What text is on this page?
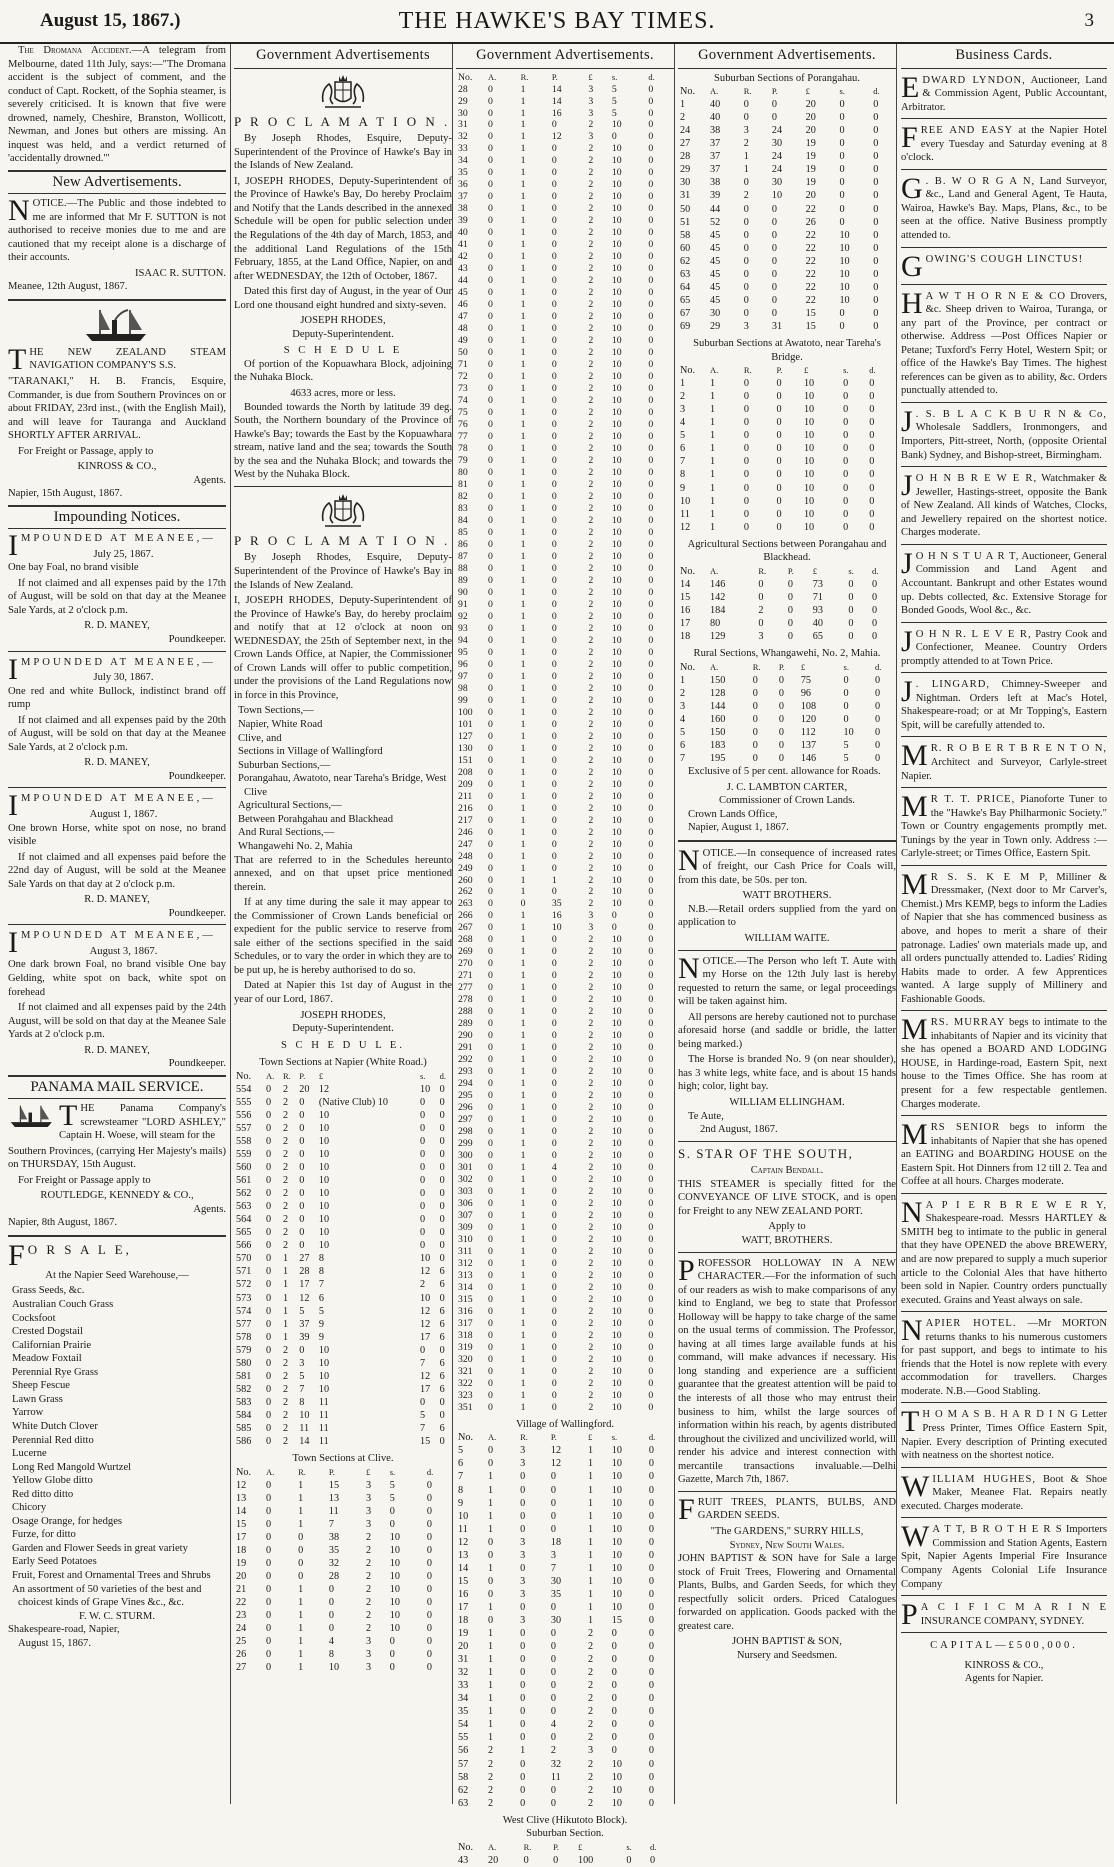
August 15, 1867.)	THE HAWKE'S BAY TIMES.	3

The Dromana Accident.—A telegram from Melbourne, dated 11th July, says:—"The Dromana accident is the subject of comment, and the conduct of Capt. Rockett, of the Sophia steamer, is severely criticised. It is known that five were drowned, namely, Cheshire, Branston, Wollicott, Newman, and Jones but others are missing. An inquest was held, and a verdict returned of 'accidentally drowned.'"

New Advertisements.
N OTICE.—The Public and those indebted to me are informed that Mr F. SUTTON is not authorised to receive monies due to me and are cautioned that my receipt alone is a discharge of their accounts.

ISAAC R. SUTTON.
Meanee, 12th August, 1867.
T HE NEW ZEALAND STEAM NAVIGATION COMPANY'S S.S.

"TARANAKI," H. B. Francis, Esquire, Commander, is due from Southern Provinces on or about FRIDAY, 23rd inst., (with the English Mail), and will leave for Tauranga and Auckland SHORTLY AFTER ARRIVAL.

For Freight or Passage, apply to

KINROSS & CO.,
Agents.
Napier, 15th August, 1867.
Impounding Notices.
I MPOUNDED AT MEANEE,—

July 25, 1867.

One bay Foal, no brand visible

If not claimed and all expenses paid by the 17th of August, will be sold on that day at the Meanee Sale Yards, at 2 o'clock p.m.

R. D. MANEY,
Poundkeeper.
I MPOUNDED AT MEANEE,—

July 30, 1867.

One red and white Bullock, indistinct brand off rump

If not claimed and all expenses paid by the 20th of August, will be sold on that day at the Meanee Sale Yards, at 2 o'clock p.m.

R. D. MANEY,
Poundkeeper.
I MPOUNDED AT MEANEE,—

August 1, 1867.

One brown Horse, white spot on nose, no brand visible

If not claimed and all expenses paid before the 22nd day of August, will be sold at the Meanee Sale Yards on that day at 2 o'clock p.m.

R. D. MANEY,
Poundkeeper.
I MPOUNDED AT MEANEE,—

August 3, 1867.

One dark brown Foal, no brand visible One bay Gelding, white spot on back, white spot on forehead

If not claimed and all expenses paid by the 24th August, will be sold on that day at the Meanee Sale Yards at 2 o'clock p.m.

R. D. MANEY,
Poundkeeper.
PANAMA MAIL SERVICE.
T HE Panama Company's screwsteamer "LORD ASHLEY," Captain H. Woese, will steam for the

Southern Provinces, (carrying Her Majesty's mails) on THURSDAY, 15th August.

For Freight or Passage apply to

ROUTLEDGE, KENNEDY & CO.,
Agents.
Napier, 8th August, 1867.
F O R S A L E,

At the Napier Seed Warehouse,—

Grass Seeds, &c.
Australian Couch Grass
Cocksfoot
Crested Dogstail
Californian Prairie
Meadow Foxtail
Perennial Rye Grass
Sheep Fescue
Lawn Grass
Yarrow
White Dutch Clover
Perennial Red ditto
Lucerne
Long Red Mangold Wurtzel
Yellow Globe ditto
Red ditto ditto
Chicory
Osage Orange, for hedges
Furze, for ditto
Garden and Flower Seeds in great variety
Early Seed Potatoes
Fruit, Forest and Ornamental Trees and Shrubs
An assortment of 50 varieties of the best and choicest kinds of Grape Vines &c., &c.
F. W. C. STURM.
Shakespeare-road, Napier,
August 15, 1867.
Government Advertisements

P R O C L A M A T I O N .

By Joseph Rhodes, Esquire, Deputy-Superintendent of the Province of Hawke's Bay in the Islands of New Zealand.

I, JOSEPH RHODES, Deputy-Superintendent of the Province of Hawke's Bay, Do hereby Proclaim and Notify that the Lands described in the annexed Schedule will be open for public selection under the Regulations of the 4th day of March, 1853, and the additional Land Regulations of the 15th February, 1855, at the Land Office, Napier, on and after WEDNESDAY, the 12th of October, 1867.

Dated this first day of August, in the year of Our Lord one thousand eight hundred and sixty-seven.

JOSEPH RHODES,
Deputy-Superintendent.
S C H E D U L E

Of portion of the Kopuawhara Block, adjoining the Nuhaka Block.

4633 acres, more or less.

Bounded towards the North by latitude 39 deg. South, the Northern boundary of the Province of Hawke's Bay; towards the East by the Kopuawhara stream, native land and the sea; towards the South by the sea and the Nuhaka Block; and towards the West by the Nuhaka Block.

P R O C L A M A T I O N .

By Joseph Rhodes, Esquire, Deputy-Superintendent of the Province of Hawke's Bay in the Islands of New Zealand.

I, JOSEPH RHODES, Deputy-Superintendent of the Province of Hawke's Bay, do hereby proclaim and notify that at 12 o'clock at noon on WEDNESDAY, the 25th of September next, in the Crown Lands Office, at Napier, the Commissioner of Crown Lands will offer to public competition, under the provisions of the Land Regulations now in force in this Province,

Town Sections,—
Napier, White Road
Clive, and
Sections in Village of Wallingford
Suburban Sections,—
Porangahau, Awatoto, near Tareha's Bridge, West Clive
Agricultural Sections,—
Between Porahgahau and Blackhead
And Rural Sections,—
Whangawehi No. 2, Mahia

That are referred to in the Schedules hereunto annexed, and on that upset price mentioned therein.

If at any time during the sale it may appear to the Commissioner of Crown Lands beneficial or expedient for the public service to reserve from sale either of the sections specified in the said Schedules, or to vary the order in which they are to be put up, he is hereby authorised to do so.

Dated at Napier this 1st day of August in the year of our Lord, 1867.

JOSEPH RHODES,
Deputy-Superintendent.
S C H E D U L E.
Town Sections at Napier (White Road.)
No.	A.	R.	P.	£	s.	d.
554	0	2	20	12	10	0
555	0	2	0	(Native Club) 10	0	0
556	0	2	0	10	0	0
557	0	2	0	10	0	0
558	0	2	0	10	0	0
559	0	2	0	10	0	0
560	0	2	0	10	0	0
561	0	2	0	10	0	0
562	0	2	0	10	0	0
563	0	2	0	10	0	0
564	0	2	0	10	0	0
565	0	2	0	10	0	0
566	0	2	0	10	0	0
570	0	1	27	8	10	0
571	0	1	28	8	12	6
572	0	1	17	7	2	6
573	0	1	12	6	10	0
574	0	1	5	5	12	6
577	0	1	37	9	12	6
578	0	1	39	9	17	6
579	0	2	0	10	0	0
580	0	2	3	10	7	6
581	0	2	5	10	12	6
582	0	2	7	10	17	6
583	0	2	8	11	0	0
584	0	2	10	11	5	0
585	0	2	11	11	7	6
586	0	2	14	11	15	0
Town Sections at Clive.
No.	A.	R.	P.	£	s.	d.
12	0	1	15	3	5	0
13	0	1	13	3	5	0
14	0	1	11	3	0	0
15	0	1	7	3	0	0
17	0	0	38	2	10	0
18	0	0	35	2	10	0
19	0	0	32	2	10	0
20	0	0	28	2	10	0
21	0	1	0	2	10	0
22	0	1	0	2	10	0
23	0	1	0	2	10	0
24	0	1	0	2	10	0
25	0	1	4	3	0	0
26	0	1	8	3	0	0
27	0	1	10	3	0	0
Government Advertisements.
No.	A.	R.	P.	£	s.	d.
28	0	1	14	3	5	0
29	0	1	14	3	5	0
30	0	1	16	3	5	0
31	0	1	0	2	10	0
32	0	1	12	3	0	0
33	0	1	0	2	10	0
34	0	1	0	2	10	0
35	0	1	0	2	10	0
36	0	1	0	2	10	0
37	0	1	0	2	10	0
38	0	1	0	2	10	0
39	0	1	0	2	10	0
40	0	1	0	2	10	0
41	0	1	0	2	10	0
42	0	1	0	2	10	0
43	0	1	0	2	10	0
44	0	1	0	2	10	0
45	0	1	0	2	10	0
46	0	1	0	2	10	0
47	0	1	0	2	10	0
48	0	1	0	2	10	0
49	0	1	0	2	10	0
50	0	1	0	2	10	0
71	0	1	0	2	10	0
72	0	1	0	2	10	0
73	0	1	0	2	10	0
74	0	1	0	2	10	0
75	0	1	0	2	10	0
76	0	1	0	2	10	0
77	0	1	0	2	10	0
78	0	1	0	2	10	0
79	0	1	0	2	10	0
80	0	1	0	2	10	0
81	0	1	0	2	10	0
82	0	1	0	2	10	0
83	0	1	0	2	10	0
84	0	1	0	2	10	0
85	0	1	0	2	10	0
86	0	1	0	2	10	0
87	0	1	0	2	10	0
88	0	1	0	2	10	0
89	0	1	0	2	10	0
90	0	1	0	2	10	0
91	0	1	0	2	10	0
92	0	1	0	2	10	0
93	0	1	0	2	10	0
94	0	1	0	2	10	0
95	0	1	0	2	10	0
96	0	1	0	2	10	0
97	0	1	0	2	10	0
98	0	1	0	2	10	0
99	0	1	0	2	10	0
100	0	1	0	2	10	0
101	0	1	0	2	10	0
127	0	1	0	2	10	0
130	0	1	0	2	10	0
151	0	1	0	2	10	0
208	0	1	0	2	10	0
209	0	1	0	2	10	0
211	0	1	0	2	10	0
216	0	1	0	2	10	0
217	0	1	0	2	10	0
246	0	1	0	2	10	0
247	0	1	0	2	10	0
248	0	1	0	2	10	0
249	0	1	0	2	10	0
260	0	1	1	2	10	0
262	0	1	0	2	10	0
263	0	0	35	2	10	0
266	0	1	16	3	0	0
267	0	1	10	3	0	0
268	0	1	0	2	10	0
269	0	1	0	2	10	0
270	0	1	0	2	10	0
271	0	1	0	2	10	0
277	0	1	0	2	10	0
278	0	1	0	2	10	0
288	0	1	0	2	10	0
289	0	1	0	2	10	0
290	0	1	0	2	10	0
291	0	1	0	2	10	0
292	0	1	0	2	10	0
293	0	1	0	2	10	0
294	0	1	0	2	10	0
295	0	1	0	2	10	0
296	0	1	0	2	10	0
297	0	1	0	2	10	0
298	0	1	0	2	10	0
299	0	1	0	2	10	0
300	0	1	0	2	10	0
301	0	1	4	2	10	0
302	0	1	0	2	10	0
303	0	1	0	2	10	0
306	0	1	0	2	10	0
307	0	1	0	2	10	0
309	0	1	0	2	10	0
310	0	1	0	2	10	0
311	0	1	0	2	10	0
312	0	1	0	2	10	0
313	0	1	0	2	10	0
314	0	1	0	2	10	0
315	0	1	0	2	10	0
316	0	1	0	2	10	0
317	0	1	0	2	10	0
318	0	1	0	2	10	0
319	0	1	0	2	10	0
320	0	1	0	2	10	0
321	0	1	0	2	10	0
322	0	1	0	2	10	0
323	0	1	0	2	10	0
351	0	1	0	2	10	0
Village of Wallingford.
No.	A.	R.	P.	£	s.	d.
5	0	3	12	1	10	0
6	0	3	12	1	10	0
7	1	0	0	1	10	0
8	1	0	0	1	10	0
9	1	0	0	1	10	0
10	1	0	0	1	10	0
11	1	0	0	1	10	0
12	0	3	18	1	10	0
13	0	3	3	1	10	0
14	1	0	7	1	10	0
15	0	3	30	1	10	0
16	0	3	35	1	10	0
17	1	0	0	1	10	0
18	0	3	30	1	15	0
19	1	0	0	2	0	0
20	1	0	0	2	0	0
31	1	0	0	2	0	0
32	1	0	0	2	0	0
33	1	0	0	2	0	0
34	1	0	0	2	0	0
35	1	0	0	2	0	0
54	1	0	4	2	0	0
55	1	0	0	2	0	0
56	2	1	2	3	0	0
57	2	0	32	2	10	0
58	2	0	11	2	10	0
62	2	0	0	2	10	0
63	2	0	0	2	10	0
West Clive (Hikutoto Block).
Suburban Section.
No.	A.	R.	P.	£	s.	d.
43	20	0	0	100	0	0
Government Advertisements.
Suburban Sections of Porangahau.
No.	A.	R.	P.	£	s.	d.
1	40	0	0	20	0	0
2	40	0	0	20	0	0
24	38	3	24	20	0	0
27	37	2	30	19	0	0
28	37	1	24	19	0	0
29	37	1	24	19	0	0
30	38	0	30	19	0	0
31	39	2	10	20	0	0
50	44	0	0	22	0	0
51	52	0	0	26	0	0
58	45	0	0	22	10	0
60	45	0	0	22	10	0
62	45	0	0	22	10	0
63	45	0	0	22	10	0
64	45	0	0	22	10	0
65	45	0	0	22	10	0
67	30	0	0	15	0	0
69	29	3	31	15	0	0
Suburban Sections at Awatoto, near Tareha's Bridge.
No.	A.	R.	P.	£	s.	d.
1	1	0	0	10	0	0
2	1	0	0	10	0	0
3	1	0	0	10	0	0
4	1	0	0	10	0	0
5	1	0	0	10	0	0
6	1	0	0	10	0	0
7	1	0	0	10	0	0
8	1	0	0	10	0	0
9	1	0	0	10	0	0
10	1	0	0	10	0	0
11	1	0	0	10	0	0
12	1	0	0	10	0	0
Agricultural Sections between Porangahau and Blackhead.
No.	A.	R.	P.	£	s.	d.
14	146	0	0	73	0	0
15	142	0	0	71	0	0
16	184	2	0	93	0	0
17	80	0	0	40	0	0
18	129	3	0	65	0	0
Rural Sections, Whangawehi, No. 2, Mahia.
No.	A.	R.	P.	£	s.	d.
1	150	0	0	75	0	0
2	128	0	0	96	0	0
3	144	0	0	108	0	0
4	160	0	0	120	0	0
5	150	0	0	112	10	0
6	183	0	0	137	5	0
7	195	0	0	146	5	0

Exclusive of 5 per cent. allowance for Roads.

J. C. LAMBTON CARTER,
Commissioner of Crown Lands.
Crown Lands Office,
Napier, August 1, 1867.
N OTICE.—In consequence of increased rates of freight, our Cash Price for Coals will, from this date, be 50s. per ton.

WATT BROTHERS.

N.B.—Retail orders supplied from the yard on application to

WILLIAM WAITE.
N OTICE.—The Person who left T. Aute with my Horse on the 12th July last is hereby requested to return the same, or legal proceedings will be taken against him.

All persons are hereby cautioned not to purchase aforesaid horse (and saddle or bridle, the latter being marked.)

The Horse is branded No. 9 (on near shoulder), has 3 white legs, white face, and is about 15 hands high; color, light bay.

WILLIAM ELLINGHAM.
Te Aute,
2nd August, 1867.

S. STAR OF THE SOUTH,

Captain Bendall.

THIS STEAMER is specially fitted for the CONVEYANCE OF LIVE STOCK, and is open for Freight to any NEW ZEALAND PORT.

Apply to
WATT, BROTHERS.
P ROFESSOR HOLLOWAY IN A NEW CHARACTER.—For the information of such of our readers as wish to make comparisons of any kind to England, we beg to state that Professor Holloway will be happy to take charge of the same on the usual terms of commission. The Professor, having at all times large available funds at his command, will make advances if necessary. His long standing and experience are a sufficient guarantee that the greatest attention will be paid to the interests of all those who may entrust their business to him, whilst the large sources of information within his reach, by agents distributed throughout the civilized and uncivilized world, will render his advice and interest connection with mercantile transactions invaluable.—Delhi Gazette, March 7th, 1867.

F RUIT TREES, PLANTS, BULBS, AND GARDEN SEEDS.

"The GARDENS," SURRY HILLS,
Sydney, New South Wales.

JOHN BAPTIST & SON have for Sale a large stock of Fruit Trees, Flowering and Ornamental Plants, Bulbs, and Garden Seeds, for which they respectfully solicit orders. Priced Catalogues forwarded on application. Goods packed with the greatest care.

JOHN BAPTIST & SON,
Nursery and Seedsmen.
Business Cards.

EDWARD LYNDON, Auctioneer, Land & Commission Agent, Public Accountant, Arbitrator.

FREE AND EASY at the Napier Hotel every Tuesday and Saturday evening at 8 o'clock.

G . B. W O R G A N, Land Surveyor, &c., Land and General Agent, Te Hauta, Wairoa, Hawke's Bay. Maps, Plans, &c., to be seen at the office. Native Business promptly attended to.

GOWING'S COUGH LINCTUS!

H A W T H O R N E & CO Drovers, &c. Sheep driven to Wairoa, Turanga, or any part of the Province, per contract or otherwise. Address —Post Offices Napier or Petane; Tuxford's Ferry Hotel, Western Spit; or office of the Hawke's Bay Times. The highest references can be given as to ability, &c. Orders punctually attended to.

J . S. B L A C K B U R N & Co, Wholesale Saddlers, Ironmongers, and Importers, Pitt-street, North, (opposite Oriental Bank) Sydney, and Bishop-street, Birmingham.

J O H N B R E W E R, Watchmaker & Jeweller, Hastings-street, opposite the Bank of New Zealand. All kinds of Watches, Clocks, and Jewellery repaired on the shortest notice. Charges moderate.

J O H N S T U A R T, Auctioneer, General Commission and Land Agent and Accountant. Bankrupt and other Estates wound up. Debts collected, &c. Extensive Storage for Bonded Goods, Wool &c., &c.

J O H N R. L E V E R, Pastry Cook and Confectioner, Meanee. Country Orders promptly attended to at Town Price.

J . LINGARD, Chimney-Sweeper and Nightman. Orders left at Mac's Hotel, Shakespeare-road; or at Mr Topping's, Eastern Spit, will be carefully attended to.

M R. R O B E R T B R E N T O N, Architect and Surveyor, Carlyle-street Napier.

M R T. T. PRICE, Pianoforte Tuner to the "Hawke's Bay Philharmonic Society." Town or Country engagements promptly met. Tunings by the year in Town only. Address :—Carlyle-street; or Times Office, Eastern Spit.

M R S. S. K E M P, Milliner & Dressmaker, (Next door to Mr Carver's, Chemist.) Mrs KEMP, begs to inform the Ladies of Napier that she has commenced business as above, and hopes to merit a share of their patronage. Ladies' own materials made up, and all orders punctually attended to. Ladies' Riding Habits made to order. A few Apprentices wanted. A large supply of Millinery and Fashionable Goods.

MRS. MURRAY begs to intimate to the inhabitants of Napier and its vicinity that she has opened a BOARD AND LODGING HOUSE, in Hardinge-road, Eastern Spit, next house to the Times Office. She has room at present for a few respectable gentlemen. Charges moderate.

MRS SENIOR begs to inform the inhabitants of Napier that she has opened an EATING and BOARDING HOUSE on the Eastern Spit. Hot Dinners from 12 till 2. Tea and Coffee at all hours. Charges moderate.

N A P I E R B R E W E R Y, Shakespeare-road. Messrs HARTLEY & SMITH beg to intimate to the public in general that they have OPENED the above BREWERY, and are now prepared to supply a much superior article to the Colonial Ales that have hitherto been sold in Napier. Country orders punctually executed. Grains and Yeast always on sale.

NAPIER HOTEL. —Mr MORTON returns thanks to his numerous customers for past support, and begs to intimate to his friends that the Hotel is now replete with every accommodation for travellers. Charges moderate. N.B.—Good Stabling.

T H O M A S B. H A R D I N G Letter Press Printer, Times Office Eastern Spit, Napier. Every description of Printing executed with neatness on the shortest notice.

WILLIAM HUGHES, Boot & Shoe Maker, Meanee Flat. Repairs neatly executed. Charges moderate.

W A T T, B R O T H E R S Importers Commission and Station Agents, Eastern Spit, Napier Agents Imperial Fire Insurance Company Agents Colonial Life Insurance Company

P A C I F I C M A R I N E INSURANCE COMPANY, SYDNEY.

CAPITAL—£500,000.
KINROSS & CO.,
Agents for Napier.
